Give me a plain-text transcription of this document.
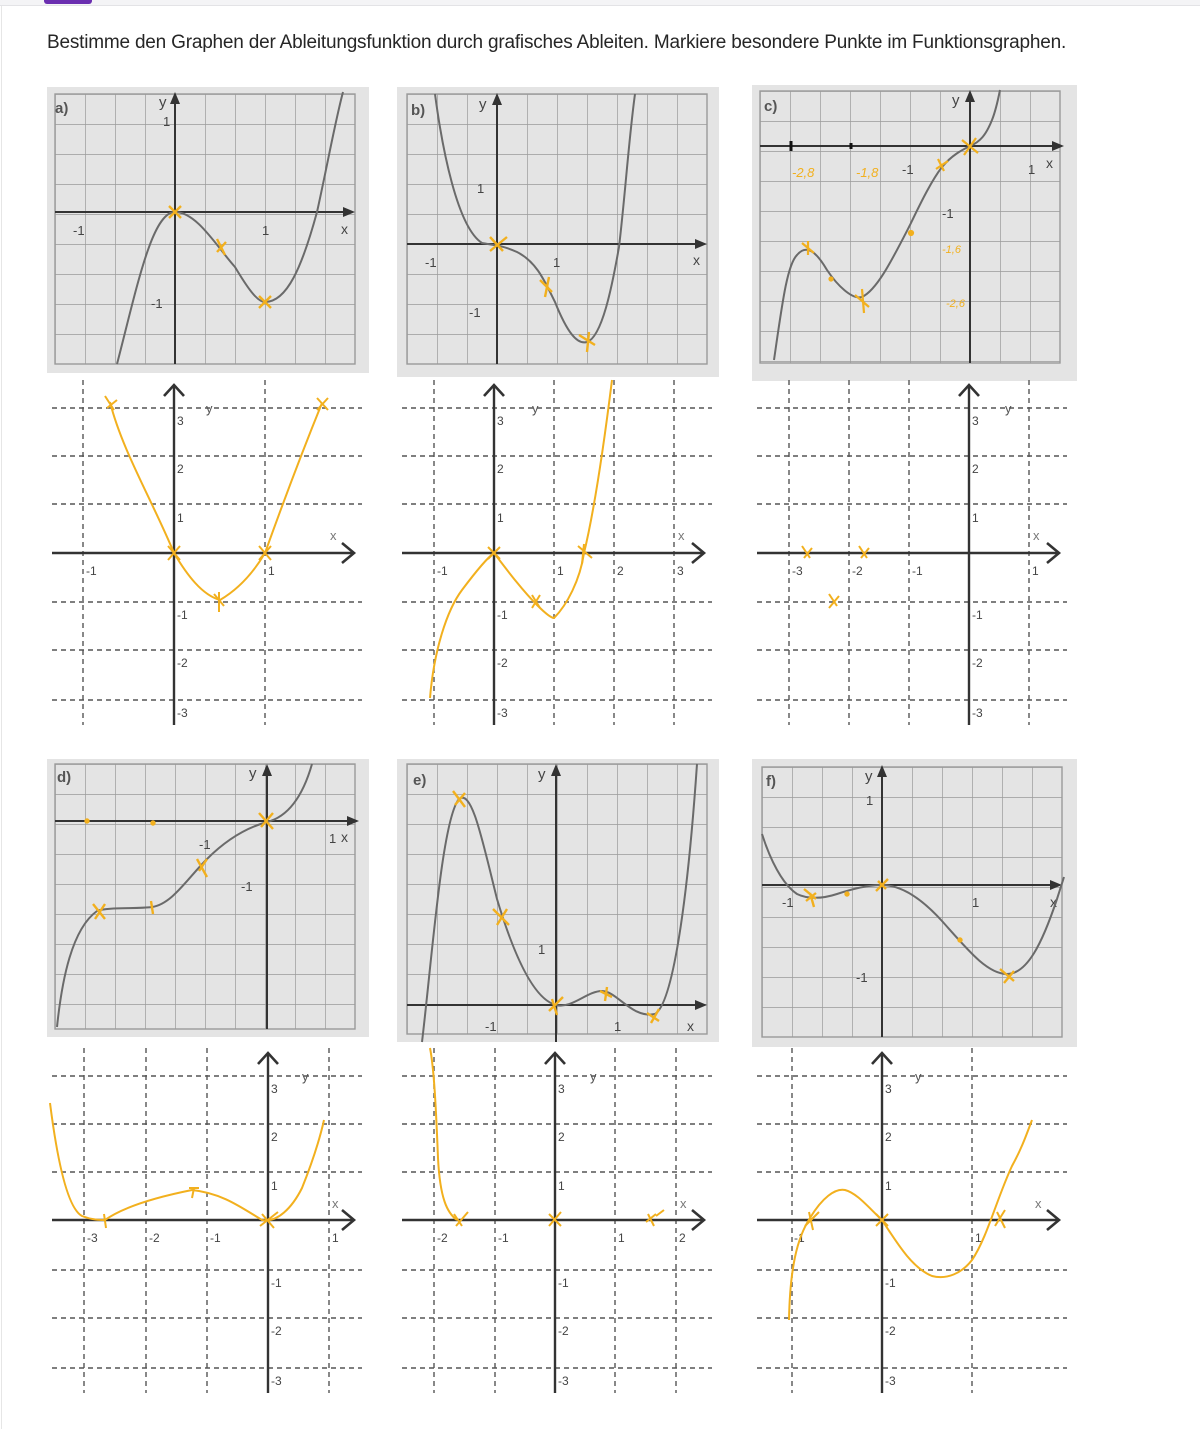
Bestimme den Graphen der Ableitungsfunktion durch grafisches Ableiten. Markiere besondere Punkte im Funktionsgraphen.
a)	y
x
-1	1
1
-1
y
x
3
2
1
-1
-2
-3
-1	1
b)	y
x
-1	1
1
-1
y
x
3
2
1
-1
-2
-3
-1	1	2	3
c)	y
x
-1	1
-1
-2,8	-1,8
-1,6
-2,6
y
x
3
2
1
-1
-2
-3
-3	-2	-1	1
d)	y
x
-1	1
-1
y
x
3
2
1
-1
-2
-3
-3	-2	-1	1
e)	y
x
-1	1
1
y
x
3
2
1
-1
-2
-3
-2	-1	1	2
f)	y
x
-1	1
1
-1
y
x
3
2
1
-1
-2
-3
-1	1
